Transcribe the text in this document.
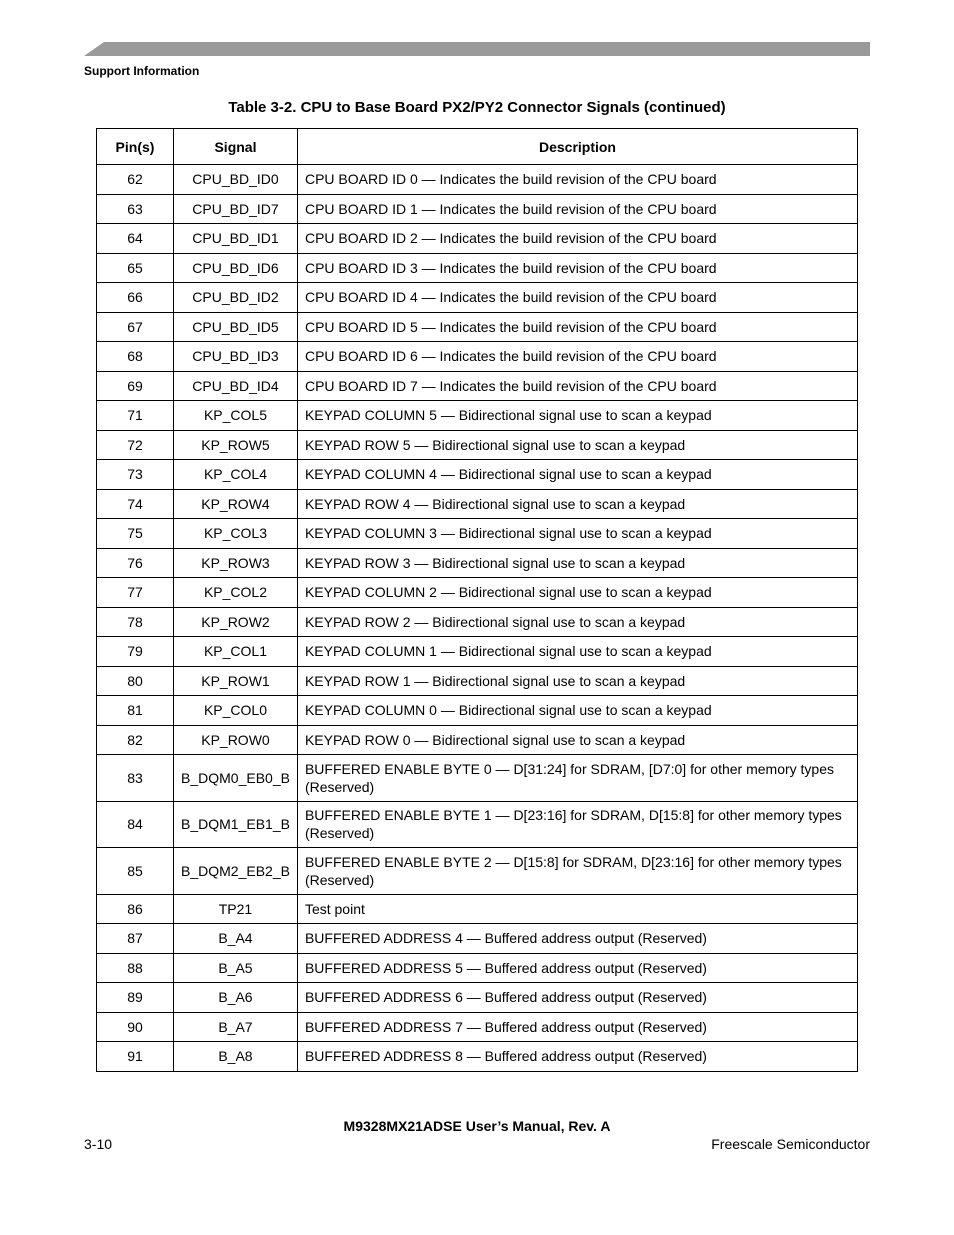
Support Information
Table 3-2. CPU to Base Board PX2/PY2 Connector Signals (continued)
Pin(s)	Signal	Description
62	CPU_BD_ID0	CPU BOARD ID 0 — Indicates the build revision of the CPU board
63	CPU_BD_ID7	CPU BOARD ID 1 — Indicates the build revision of the CPU board
64	CPU_BD_ID1	CPU BOARD ID 2 — Indicates the build revision of the CPU board
65	CPU_BD_ID6	CPU BOARD ID 3 — Indicates the build revision of the CPU board
66	CPU_BD_ID2	CPU BOARD ID 4 — Indicates the build revision of the CPU board
67	CPU_BD_ID5	CPU BOARD ID 5 — Indicates the build revision of the CPU board
68	CPU_BD_ID3	CPU BOARD ID 6 — Indicates the build revision of the CPU board
69	CPU_BD_ID4	CPU BOARD ID 7 — Indicates the build revision of the CPU board
71	KP_COL5	KEYPAD COLUMN 5 — Bidirectional signal use to scan a keypad
72	KP_ROW5	KEYPAD ROW 5 — Bidirectional signal use to scan a keypad
73	KP_COL4	KEYPAD COLUMN 4 — Bidirectional signal use to scan a keypad
74	KP_ROW4	KEYPAD ROW 4 — Bidirectional signal use to scan a keypad
75	KP_COL3	KEYPAD COLUMN 3 — Bidirectional signal use to scan a keypad
76	KP_ROW3	KEYPAD ROW 3 — Bidirectional signal use to scan a keypad
77	KP_COL2	KEYPAD COLUMN 2 — Bidirectional signal use to scan a keypad
78	KP_ROW2	KEYPAD ROW 2 — Bidirectional signal use to scan a keypad
79	KP_COL1	KEYPAD COLUMN 1 — Bidirectional signal use to scan a keypad
80	KP_ROW1	KEYPAD ROW 1 — Bidirectional signal use to scan a keypad
81	KP_COL0	KEYPAD COLUMN 0 — Bidirectional signal use to scan a keypad
82	KP_ROW0	KEYPAD ROW 0 — Bidirectional signal use to scan a keypad
83	B_DQM0_EB0_B	BUFFERED ENABLE BYTE 0 — D[31:24] for SDRAM, [D7:0] for other memory types (Reserved)
84	B_DQM1_EB1_B	BUFFERED ENABLE BYTE 1 — D[23:16] for SDRAM, D[15:8] for other memory types (Reserved)
85	B_DQM2_EB2_B	BUFFERED ENABLE BYTE 2 — D[15:8] for SDRAM, D[23:16] for other memory types (Reserved)
86	TP21	Test point
87	B_A4	BUFFERED ADDRESS 4 — Buffered address output (Reserved)
88	B_A5	BUFFERED ADDRESS 5 — Buffered address output (Reserved)
89	B_A6	BUFFERED ADDRESS 6 — Buffered address output (Reserved)
90	B_A7	BUFFERED ADDRESS 7 — Buffered address output (Reserved)
91	B_A8	BUFFERED ADDRESS 8 — Buffered address output (Reserved)
M9328MX21ADSE User’s Manual, Rev. A
3-10	Freescale Semiconductor
